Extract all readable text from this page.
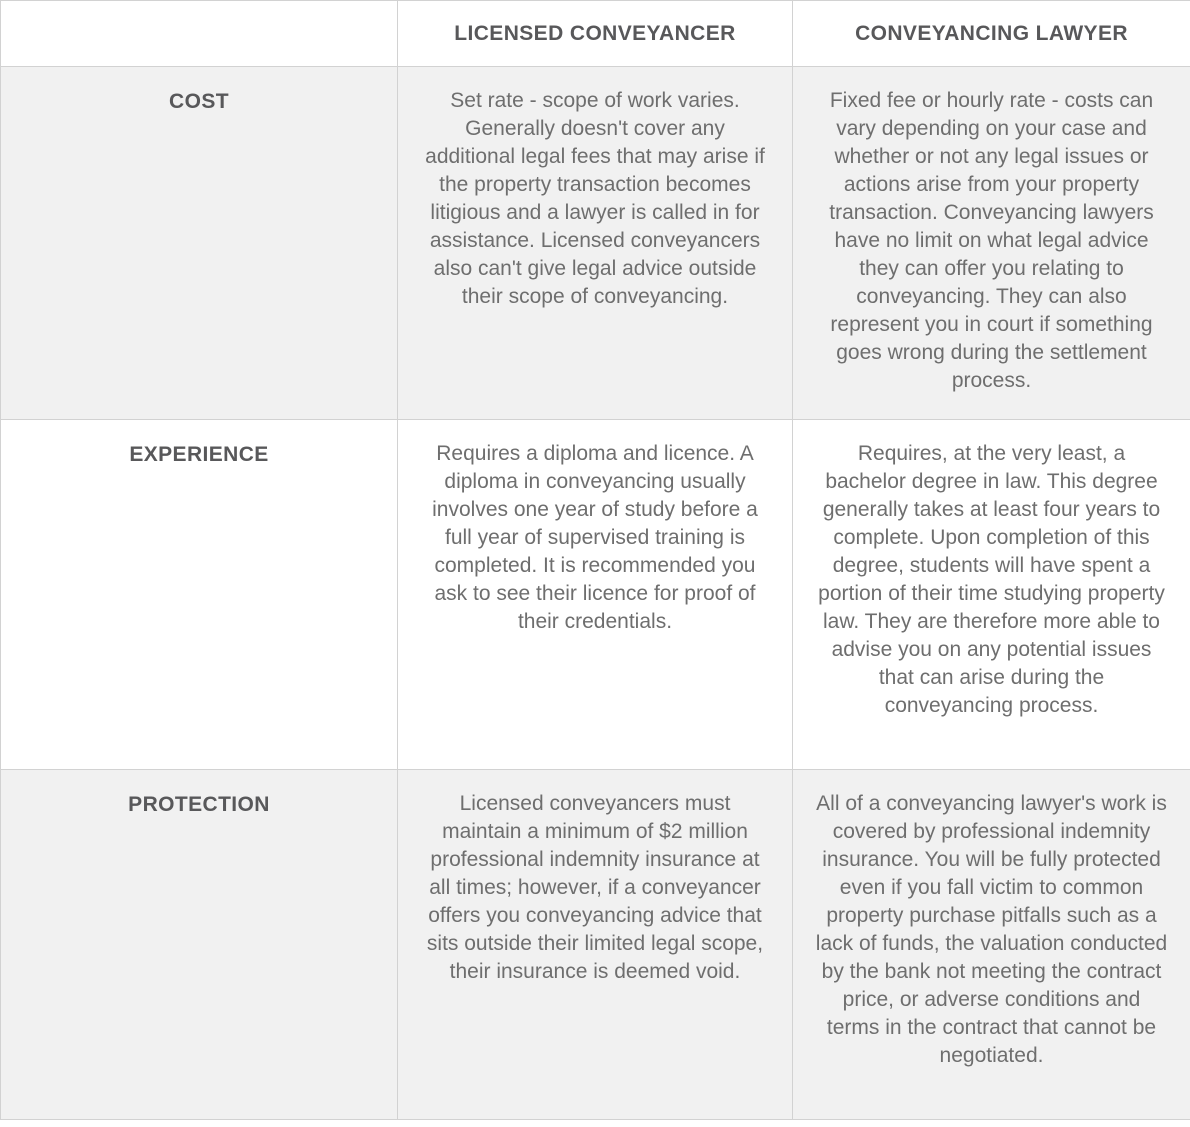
	LICENSED CONVEYANCER	CONVEYANCING LAWYER
COST	Set rate - scope of work varies. Generally doesn't cover any additional legal fees that may arise if the property transaction becomes litigious and a lawyer is called in for assistance. Licensed conveyancers also can't give legal advice outside their scope of conveyancing.	Fixed fee or hourly rate - costs can vary depending on your case and whether or not any legal issues or actions arise from your property transaction. Conveyancing lawyers have no limit on what legal advice they can offer you relating to conveyancing. They can also represent you in court if something goes wrong during the settlement process.
EXPERIENCE	Requires a diploma and licence. A diploma in conveyancing usually involves one year of study before a full year of supervised training is completed. It is recommended you ask to see their licence for proof of their credentials.	Requires, at the very least, a bachelor degree in law. This degree generally takes at least four years to complete. Upon completion of this degree, students will have spent a portion of their time studying property law. They are therefore more able to advise you on any potential issues that can arise during the conveyancing process.
PROTECTION	Licensed conveyancers must maintain a minimum of $2 million professional indemnity insurance at all times; however, if a conveyancer offers you conveyancing advice that sits outside their limited legal scope, their insurance is deemed void.	All of a conveyancing lawyer's work is covered by professional indemnity insurance. You will be fully protected even if you fall victim to common property purchase pitfalls such as a lack of funds, the valuation conducted by the bank not meeting the contract price, or adverse conditions and terms in the contract that cannot be negotiated.
